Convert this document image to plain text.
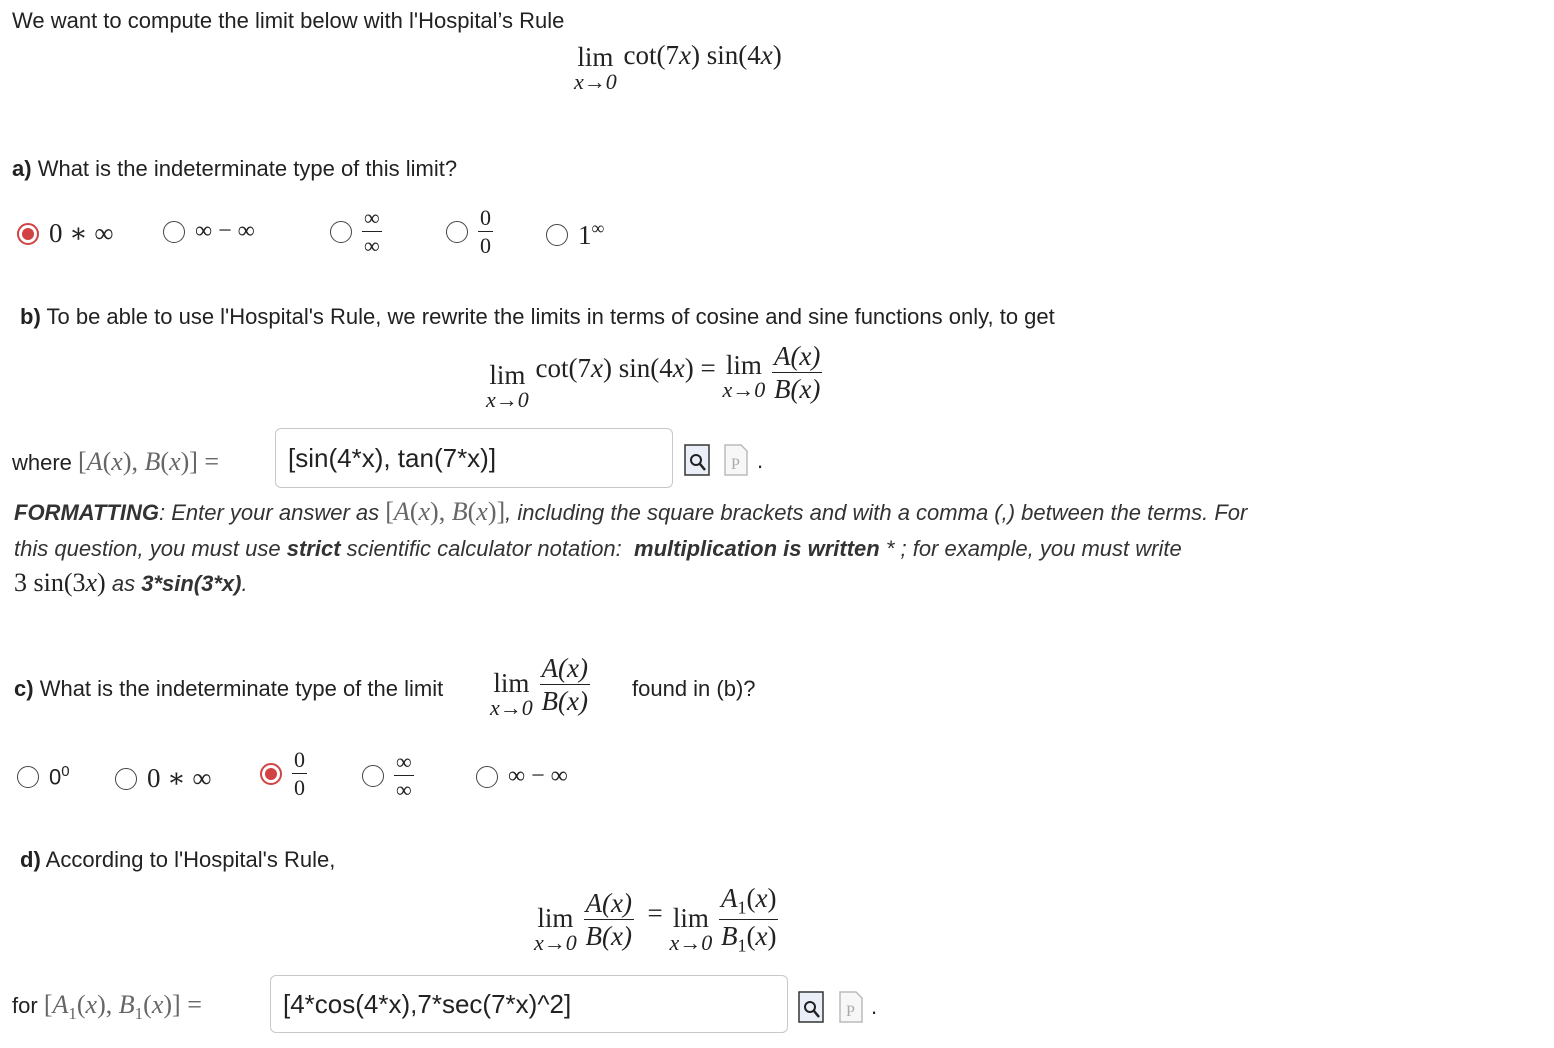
We want to compute the limit below with l'Hospital’s Rule
lim
x→0
cot(7x) sin(4x)
a) What is the indeterminate type of this limit?
0 ∗ ∞	∞ − ∞	$\frac{\infty}{\infty}$	$\frac{0}{0}$	1∞
b) To be able to use l'Hospital's Rule, we rewrite the limits in terms of cosine and sine functions only, to get
lim
x→0
cot(7x) sin(4x) = lim
x→0
$\frac{A(x)}{B(x)}$
where [A(x), B(x)] =
[sin(4*x), tan(7*x)]	P .
FORMATTING: Enter your answer as [A(x), B(x)], including the square brackets and with a comma (,) between the terms. For
this question, you must use strict scientific calculator notation: multiplication is written * ; for example, you must write
3 sin(3x) as 3*sin(3*x).
c) What is the indeterminate type of the limit lim
x→0
$\frac{A(x)}{B(x)}$ found in (b)?
$0^0$	0 ∗ ∞	$\frac{0}{0}$	$\frac{\infty}{\infty}$	∞ − ∞
d) According to l'Hospital's Rule,
lim
x→0
$\frac{A(x)}{B(x)} = \lim$
x→0
$\frac{A_1(x)}{B_1(x)}$
for [$A_1(x)$, $B_1(x)$] =
[4*cos(4*x),7*sec(7*x)^2]	P .
